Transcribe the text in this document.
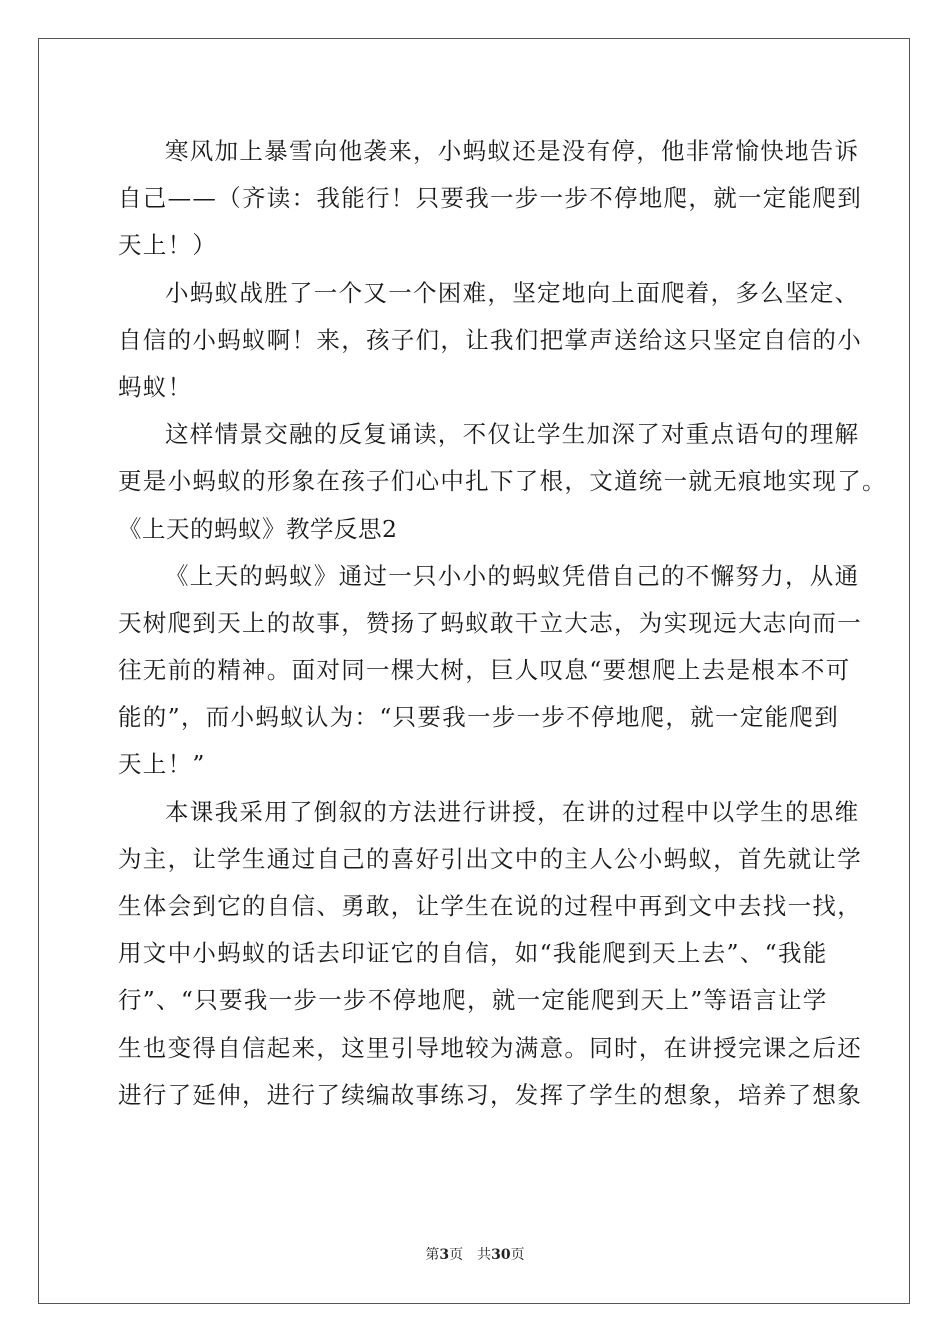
寒风加上暴雪向他袭来，小蚂蚁还是没有停，他非常愉快地告诉
自己——（齐读：我能行！只要我一步一步不停地爬，就一定能爬到
天上！）
小蚂蚁战胜了一个又一个困难，坚定地向上面爬着，多么坚定、
自信的小蚂蚁啊！来，孩子们，让我们把掌声送给这只坚定自信的小
蚂蚁！
这样情景交融的反复诵读，不仅让学生加深了对重点语句的理解
更是小蚂蚁的形象在孩子们心中扎下了根，文道统一就无痕地实现了。
《上天的蚂蚁》教学反思2
《上天的蚂蚁》通过一只小小的蚂蚁凭借自己的不懈努力，从通
天树爬到天上的故事，赞扬了蚂蚁敢干立大志，为实现远大志向而一
往无前的精神。面对同一棵大树，巨人叹息“要想爬上去是根本不可
能的”，而小蚂蚁认为：“只要我一步一步不停地爬，就一定能爬到
天上！”
本课我采用了倒叙的方法进行讲授，在讲的过程中以学生的思维
为主，让学生通过自己的喜好引出文中的主人公小蚂蚁，首先就让学
生体会到它的自信、勇敢，让学生在说的过程中再到文中去找一找，
用文中小蚂蚁的话去印证它的自信，如“我能爬到天上去”、“我能
行”、“只要我一步一步不停地爬，就一定能爬到天上”等语言让学
生也变得自信起来，这里引导地较为满意。同时，在讲授完课之后还
进行了延伸，进行了续编故事练习，发挥了学生的想象，培养了想象
第3页 共30页
